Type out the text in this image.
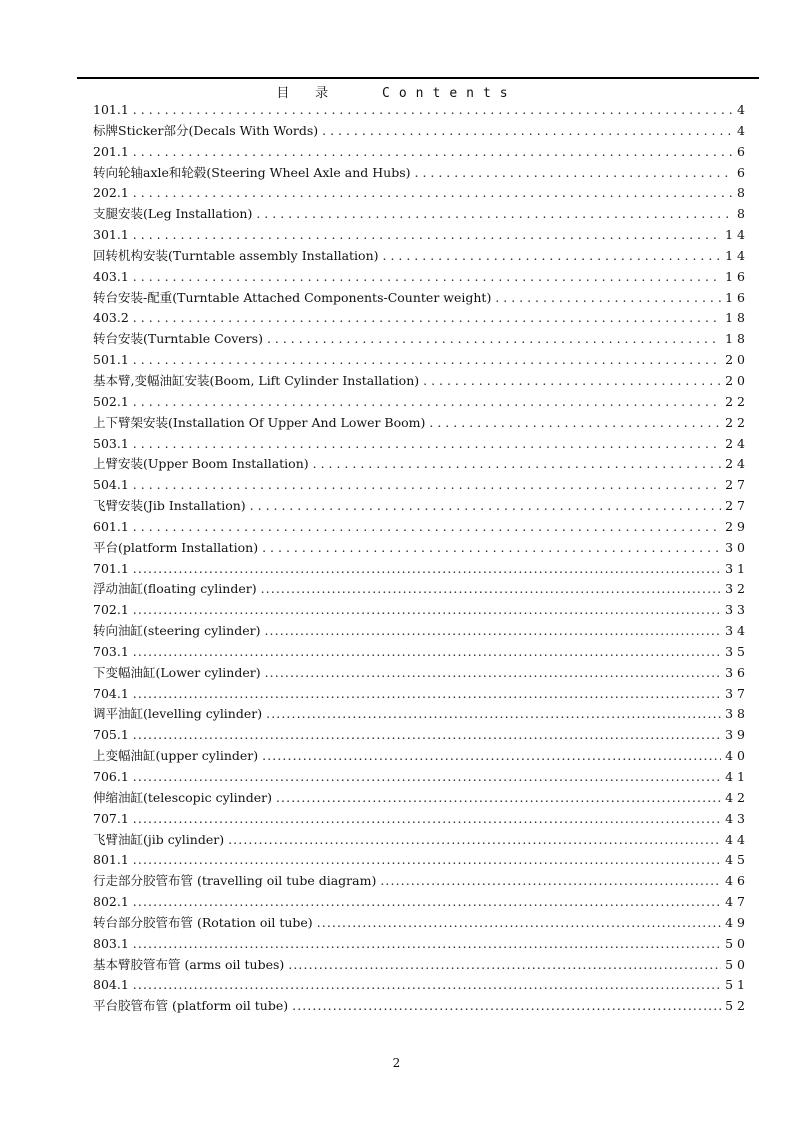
目 录	Contents
101.1 . . .	4
标牌Sticker部分(Decals With Words) . . .	4
201.1 . . .	6
转向轮轴axle和轮毂(Steering Wheel Axle and Hubs) . . .	6
202.1 . . .	8
支腿安装(Leg Installation) . . .	8
301.1 . . .	14
回转机构安装(Turntable assembly Installation) . . .	14
403.1 . . .	16
转台安装-配重(Turntable Attached Components-Counter weight) . . .	16
403.2 . . .	18
转台安装(Turntable Covers) . . .	18
501.1 . . .	20
基本臂,变幅油缸安装(Boom, Lift Cylinder Installation) . . .	20
502.1 . . .	22
上下臂架安装(Installation Of Upper And Lower Boom) . . .	22
503.1 . . .	24
上臂安装(Upper Boom Installation) . . .	24
504.1 . . .	27
飞臂安装(Jib Installation) . . .	27
601.1 . . .	29
平台(platform Installation) . . .	30
701.1 .....	31
浮动油缸(floating cylinder) .....	32
702.1 .....	33
转向油缸(steering cylinder) .....	34
703.1 .....	35
下变幅油缸(Lower cylinder) .....	36
704.1 .....	37
调平油缸(levelling cylinder) .....	38
705.1 .....	39
上变幅油缸(upper cylinder) .....	40
706.1 .....	41
伸缩油缸(telescopic cylinder) .....	42
707.1 .....	43
飞臂油缸(jib cylinder) .....	44
801.1 .....	45
行走部分胶管布管 (travelling oil tube diagram) .....	46
802.1 .....	47
转台部分胶管布管 (Rotation oil tube) .....	49
803.1 .....	50
基本臂胶管布管 (arms oil tubes) .....	50
804.1 .....	51
平台胶管布管 (platform oil tube) .....	52
2
